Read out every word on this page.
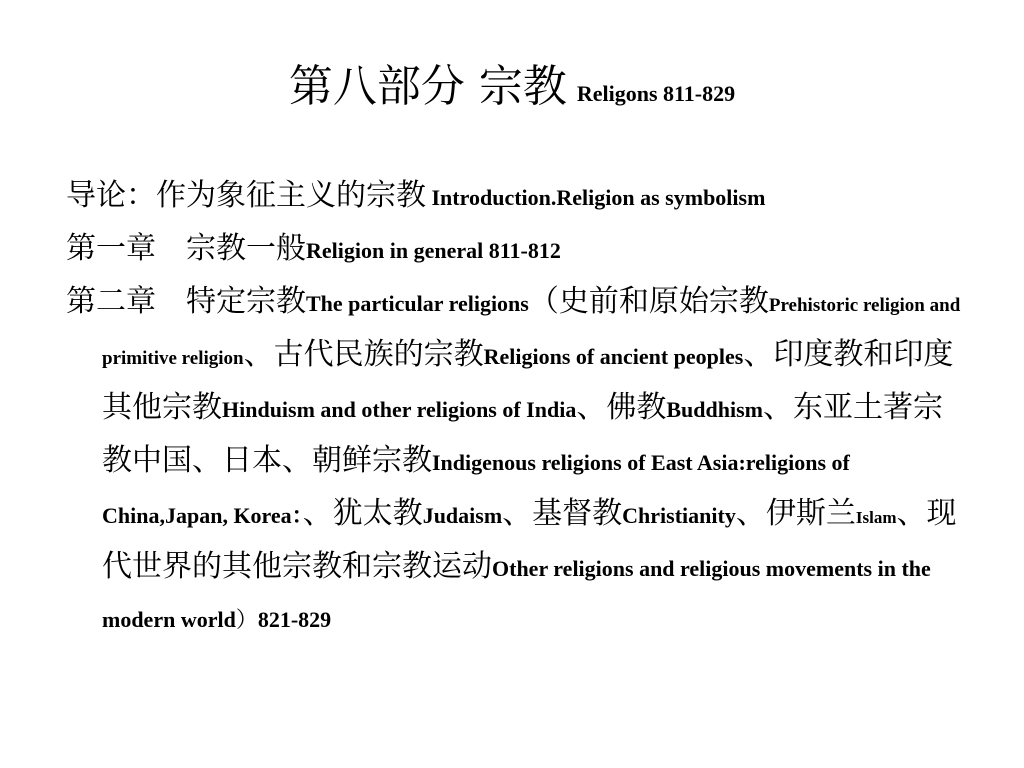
第八部分 宗教 Religons 811-829

导论：作为象征主义的宗教 Introduction.Religion as symbolism

第一章　宗教一般Religion in general 811-812

第二章　特定宗教The particular religions（史前和原始宗教Prehistoric religion and primitive religion、古代民族的宗教Religions of ancient peoples、印度教和印度其他宗教Hinduism and other religions of India、佛教Buddhism、东亚土著宗教中国、日本、朝鲜宗教Indigenous religions of East Asia:religions of China,Japan, Korea：、犹太教Judaism、基督教Christianity、伊斯兰Islam、现代世界的其他宗教和宗教运动Other religions and religious movements in the modern world）821-829
